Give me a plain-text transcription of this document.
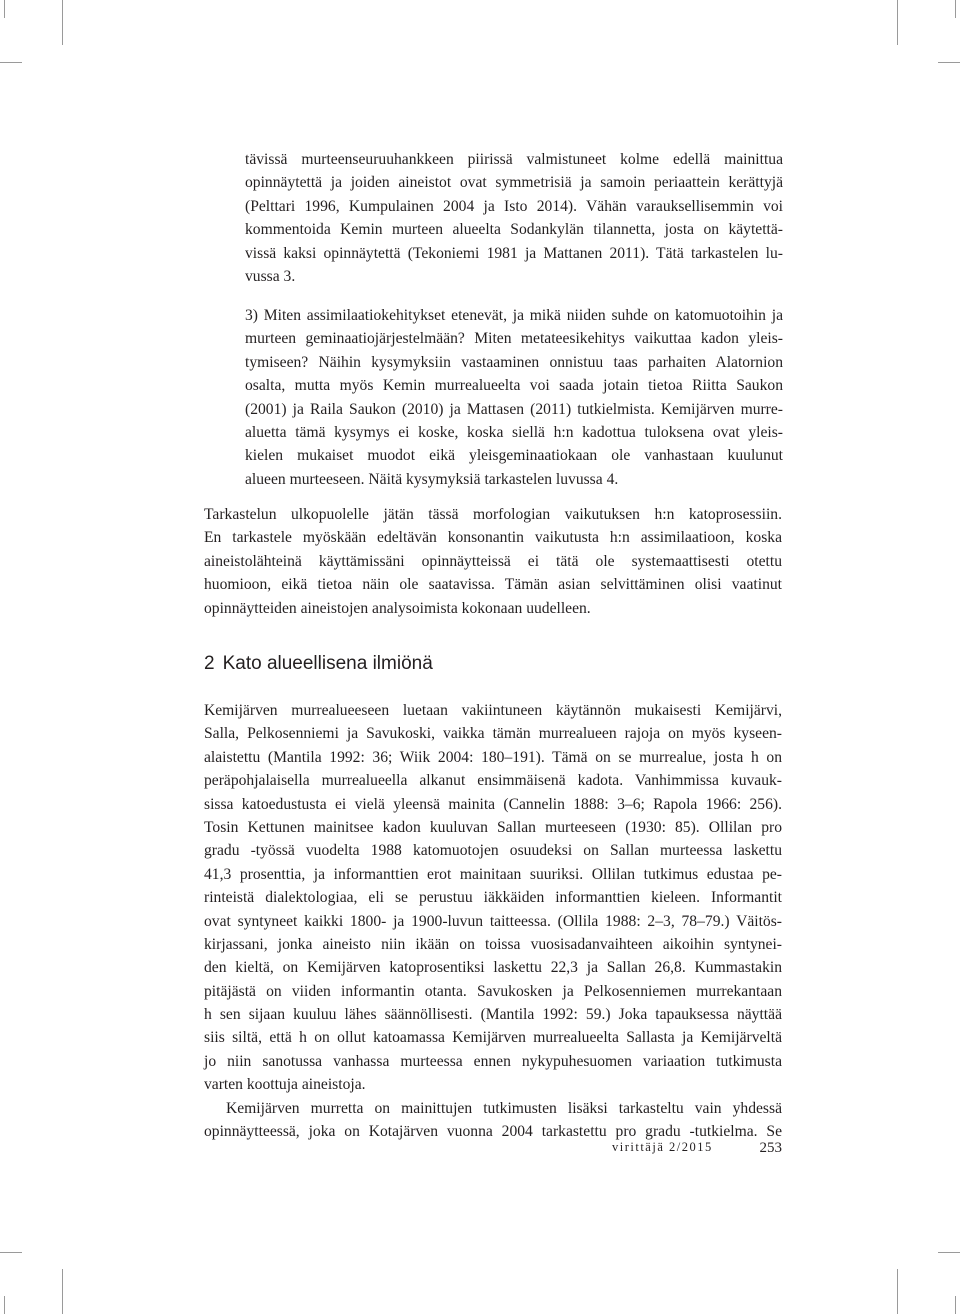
tävissä murteenseuruuhankkeen piirissä valmistuneet kolme edellä mainittua
opinnäytettä ja joiden aineistot ovat symmetrisiä ja samoin periaattein kerättyjä
(Pelttari 1996, Kumpulainen 2004 ja Isto 2014). Vähän varauksellisemmin voi
kommentoida Kemin murteen alueelta Sodankylän tilannetta, josta on käytettä-
vissä kaksi opinnäytettä (Tekoniemi 1981 ja Mattanen 2011). Tätä tarkastelen lu-
vussa 3.
3) Miten assimilaatiokehitykset etenevät, ja mikä niiden suhde on katomuotoihin ja
murteen geminaatiojärjestelmään? Miten metateesikehitys vaikuttaa kadon yleis-
tymiseen? Näihin kysymyksiin vastaaminen onnistuu taas parhaiten Alatornion
osalta, mutta myös Kemin murrealueelta voi saada jotain tietoa Riitta Saukon
(2001) ja Raila Saukon (2010) ja Mattasen (2011) tutkielmista. Kemijärven murre-
aluetta tämä kysymys ei koske, koska siellä h:n kadottua tuloksena ovat yleis-
kielen mukaiset muodot eikä yleisgeminaatiokaan ole vanhastaan kuulunut
alueen murteeseen. Näitä kysymyksiä tarkastelen luvussa 4.
Tarkastelun ulkopuolelle jätän tässä morfologian vaikutuksen h:n katoprosessiin.
En tarkastele myöskään edeltävän konsonantin vaikutusta h:n assimilaatioon, koska
aineistolähteinä käyttämissäni opinnäytteissä ei tätä ole systemaattisesti otettu
huomioon, eikä tietoa näin ole saatavissa. Tämän asian selvittäminen olisi vaatinut
opinnäytteiden aineistojen analysoimista kokonaan uudelleen.
2 Kato alueellisena ilmiönä
Kemijärven murrealueeseen luetaan vakiintuneen käytännön mukaisesti Kemijärvi,
Salla, Pelkosenniemi ja Savukoski, vaikka tämän murrealueen rajoja on myös kyseen-
alaistettu (Mantila 1992: 36; Wiik 2004: 180–191). Tämä on se murrealue, josta h on
peräpohjalaisella murrealueella alkanut ensimmäisenä kadota. Vanhimmissa kuvauk-
sissa katoedustusta ei vielä yleensä mainita (Cannelin 1888: 3–6; Rapola 1966: 256).
Tosin Kettunen mainitsee kadon kuuluvan Sallan murteeseen (1930: 85). Ollilan pro
gradu -työssä vuodelta 1988 katomuotojen osuudeksi on Sallan murteessa laskettu
41,3 prosenttia, ja informanttien erot mainitaan suuriksi. Ollilan tutkimus edustaa pe-
rinteistä dialektologiaa, eli se perustuu iäkkäiden informanttien kieleen. Informantit
ovat syntyneet kaikki 1800- ja 1900-luvun taitteessa. (Ollila 1988: 2–3, 78–79.) Väitös-
kirjassani, jonka aineisto niin ikään on toissa vuosisadanvaihteen aikoihin syntynei-
den kieltä, on Kemijärven katoprosentiksi laskettu 22,3 ja Sallan 26,8. Kummastakin
pitäjästä on viiden informantin otanta. Savukosken ja Pelkosenniemen murrekantaan
h sen sijaan kuuluu lähes säännöllisesti. (Mantila 1992: 59.) Joka tapauksessa näyttää
siis siltä, että h on ollut katoamassa Kemijärven murrealueelta Sallasta ja Kemijärveltä
jo niin sanotussa vanhassa murteessa ennen nykypuhesuomen variaation tutkimusta
varten koottuja aineistoja.
Kemijärven murretta on mainittujen tutkimusten lisäksi tarkasteltu vain yhdessä
opinnäytteessä, joka on Kotajärven vuonna 2004 tarkastettu pro gradu -tutkielma. Se
virittäjä 2/2015	253
